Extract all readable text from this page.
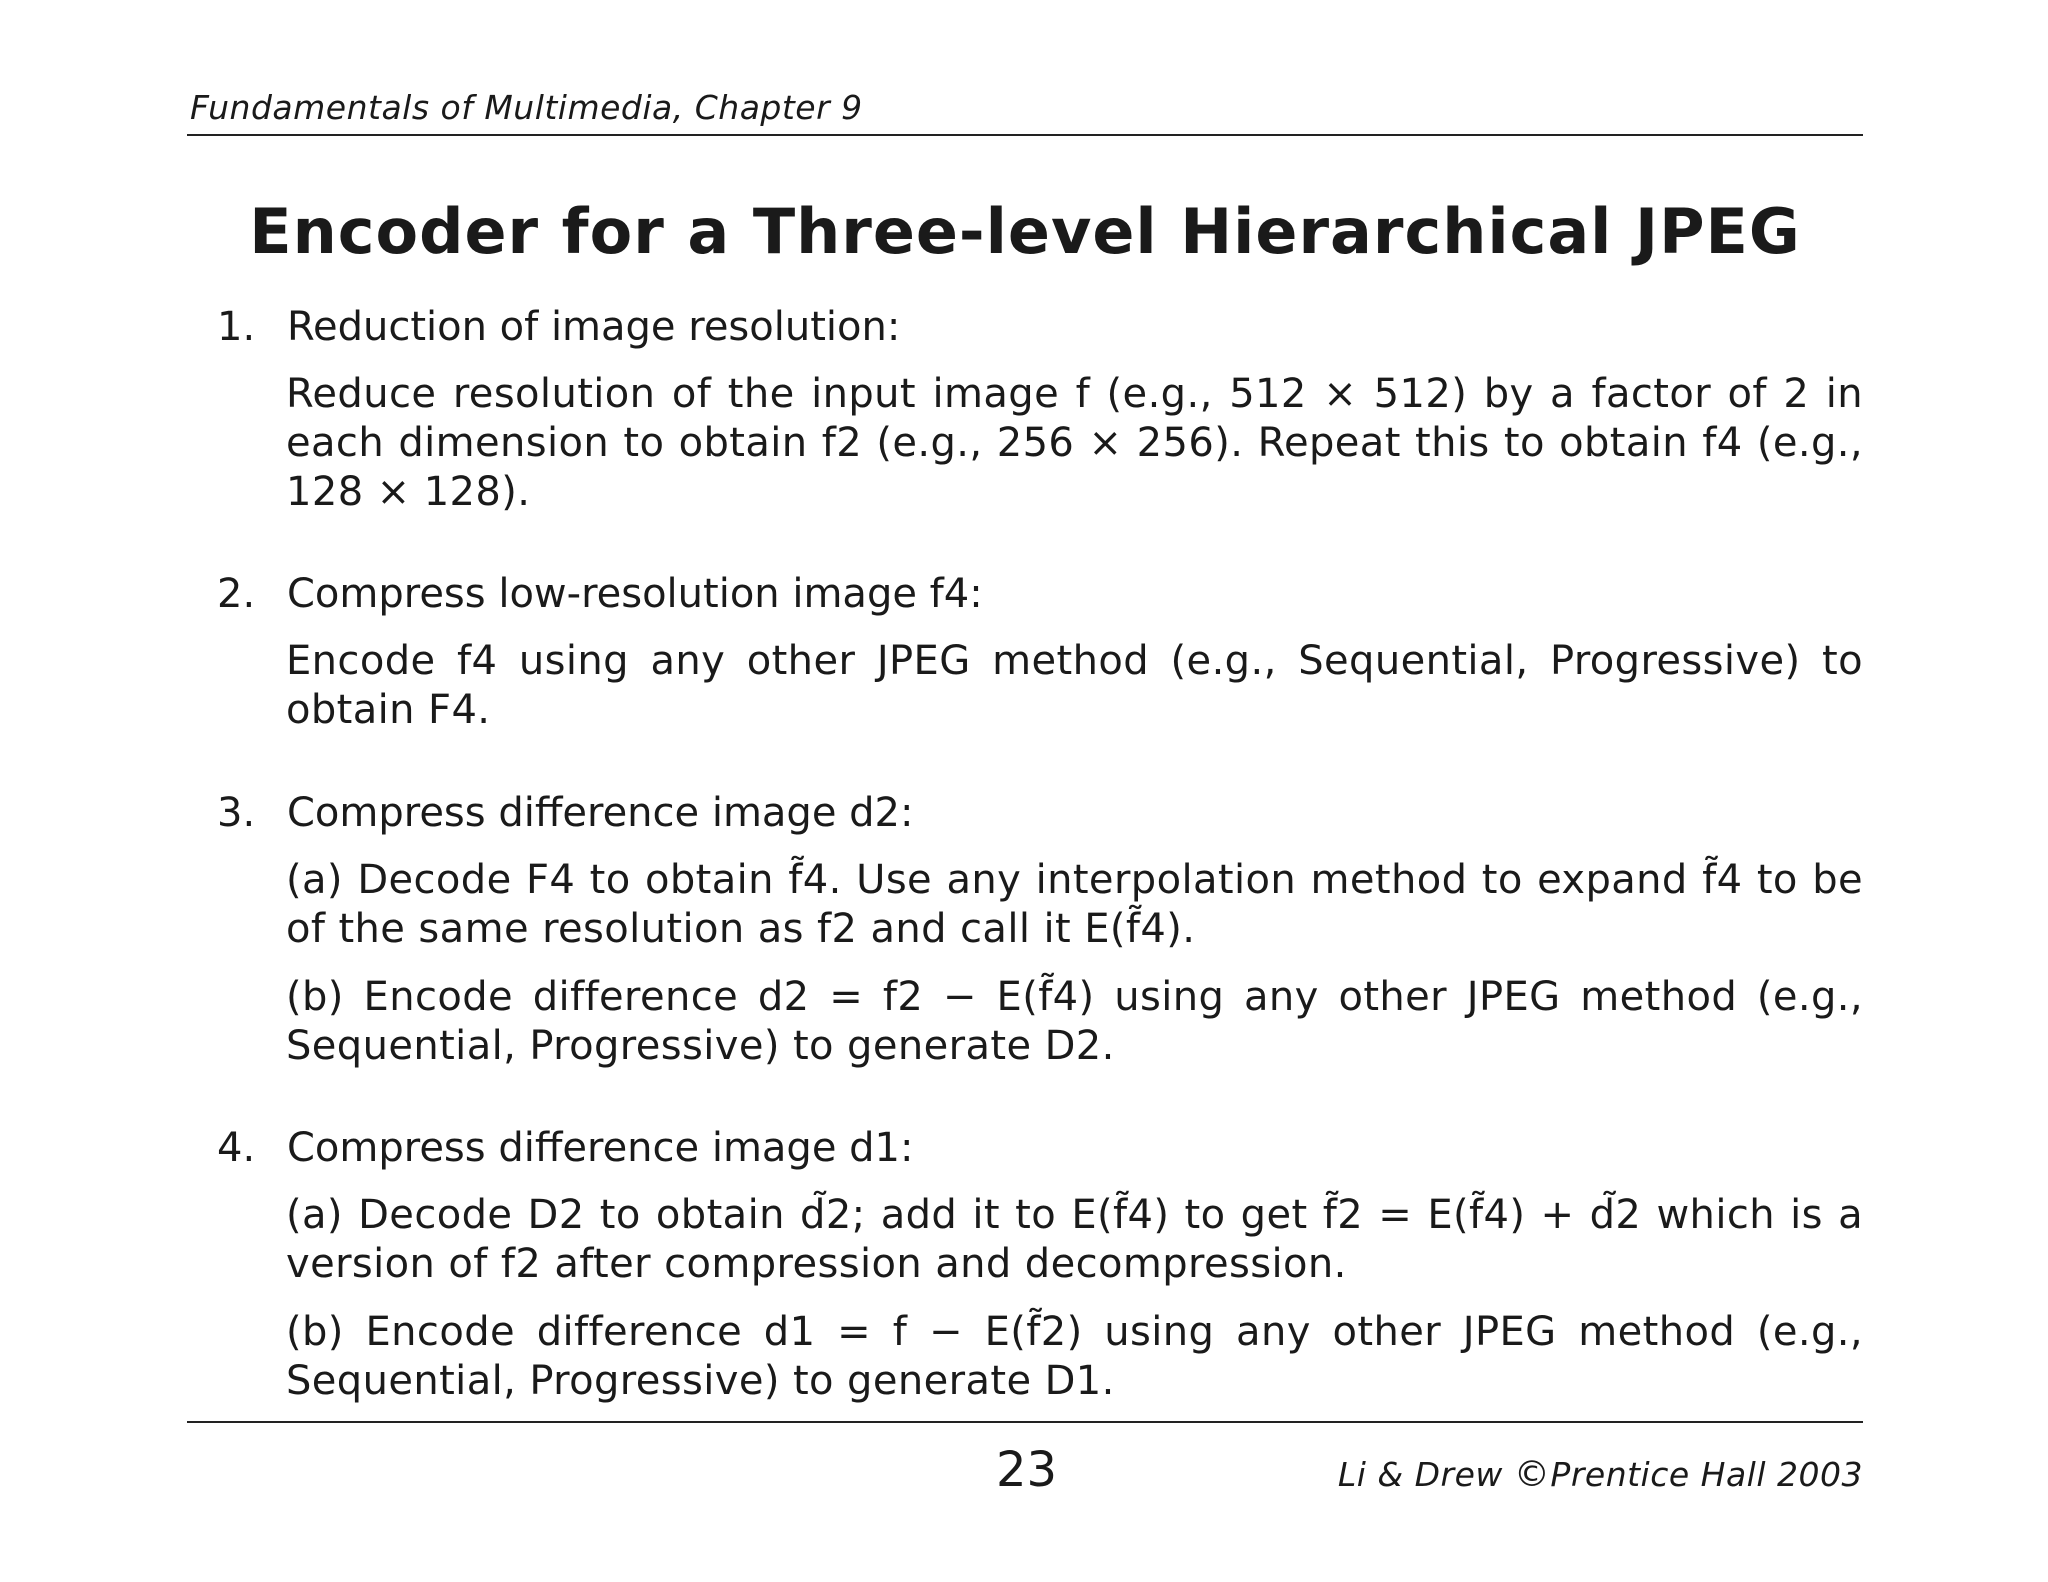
Fundamentals of Multimedia, Chapter 9
Encoder for a Three-level Hierarchical JPEG
1. Reduction of image resolution:
Reduce resolution of the input image f (e.g., 512 × 512) by a factor of 2 in each dimension to obtain f2 (e.g., 256 × 256). Repeat this to obtain f4 (e.g., 128 × 128).
2. Compress low-resolution image f4:
Encode f4 using any other JPEG method (e.g., Sequential, Progressive) to obtain F4.
3. Compress difference image d2:
(a) Decode F4 to obtain f̃4. Use any interpolation method to expand f̃4 to be of the same resolution as f2 and call it E(f̃4).
(b) Encode difference d2 = f2 − E(f̃4) using any other JPEG method (e.g., Sequential, Progressive) to generate D2.
4. Compress difference image d1:
(a) Decode D2 to obtain d̃2; add it to E(f̃4) to get f̃2 = E(f̃4) + d̃2 which is a version of f2 after compression and decompression.
(b) Encode difference d1 = f − E(f̃2) using any other JPEG method (e.g., Sequential, Progressive) to generate D1.
23	Li & Drew ©Prentice Hall 2003
